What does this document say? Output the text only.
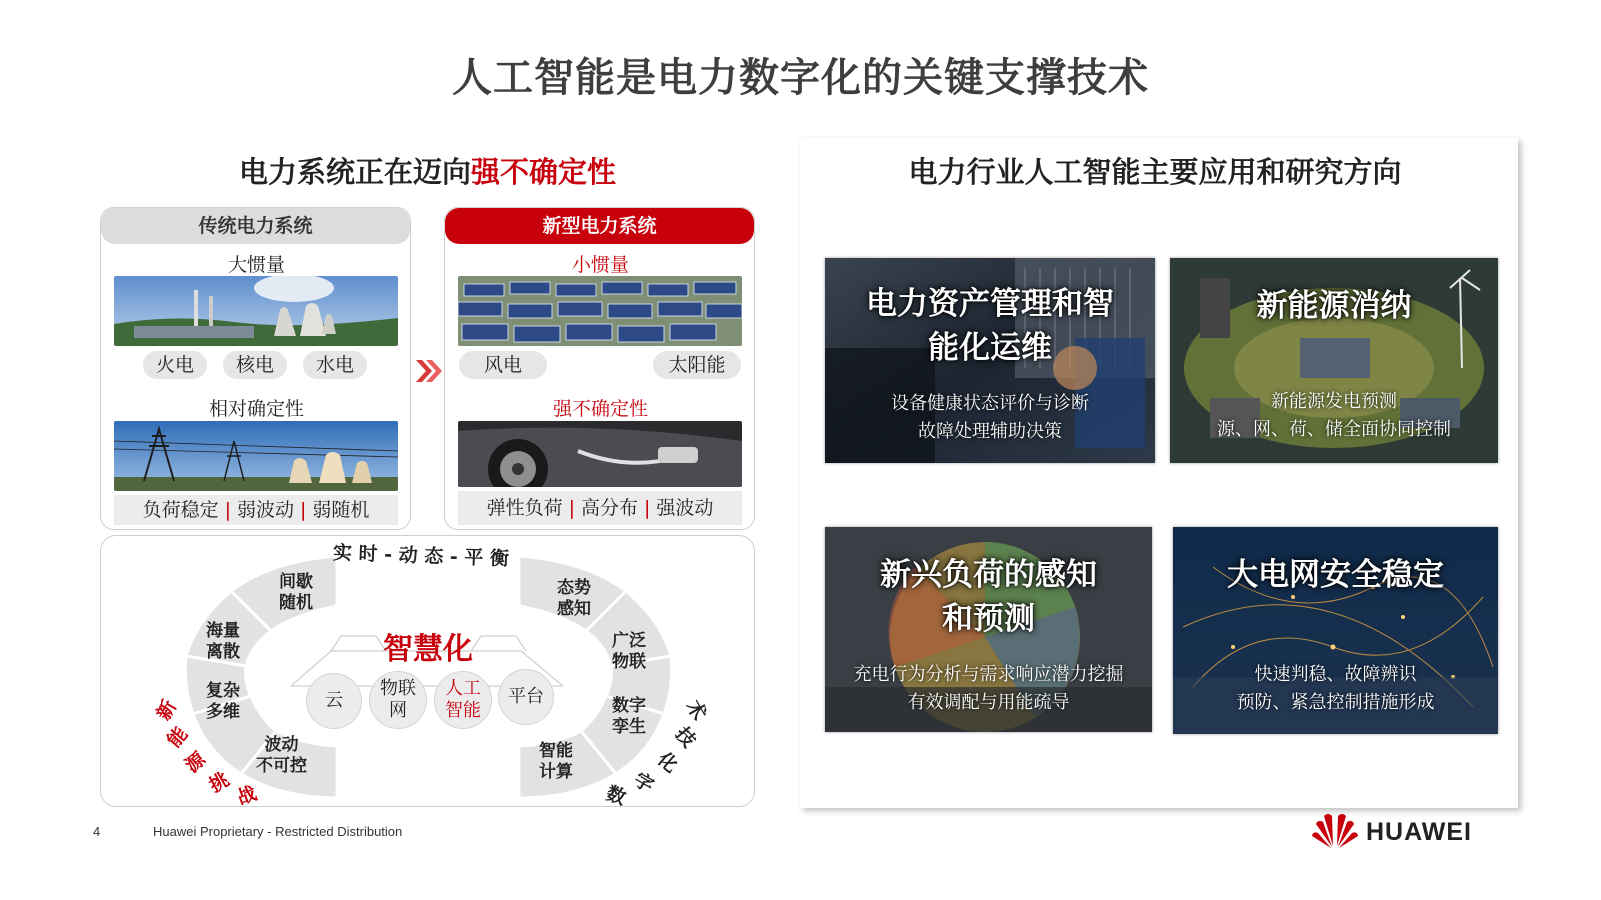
人工智能是电力数字化的关键支撑技术
电力系统正在迈向强不确定性
传统电力系统
大惯量
火电	核电	水电
相对确定性
负荷稳定 | 弱波动 | 弱随机
新型电力系统
小惯量
风电	太阳能
强不确定性
弹性负荷 | 高分布 | 强波动
实 时 - 动 态 - 平 衡
新
能
源
挑 战	数 字
化
技
术
间歇
随机
海量
离散
复杂
多维
波动
不可控
态势
感知
广泛
物联
数字
孪生
智能
计算
智慧化
云
物联
网
人工
智能
平台
电力行业人工智能主要应用和研究方向
电力资产管理和智
能化运维
设备健康状态评价与诊断
故障处理辅助决策
新能源消纳
新能源发电预测
源、网、荷、储全面协同控制
新兴负荷的感知
和预测
充电行为分析与需求响应潜力挖掘
有效调配与用能疏导
大电网安全稳定
快速判稳、故障辨识
预防、紧急控制措施形成
4	Huawei Proprietary - Restricted Distribution	HUAWEI
